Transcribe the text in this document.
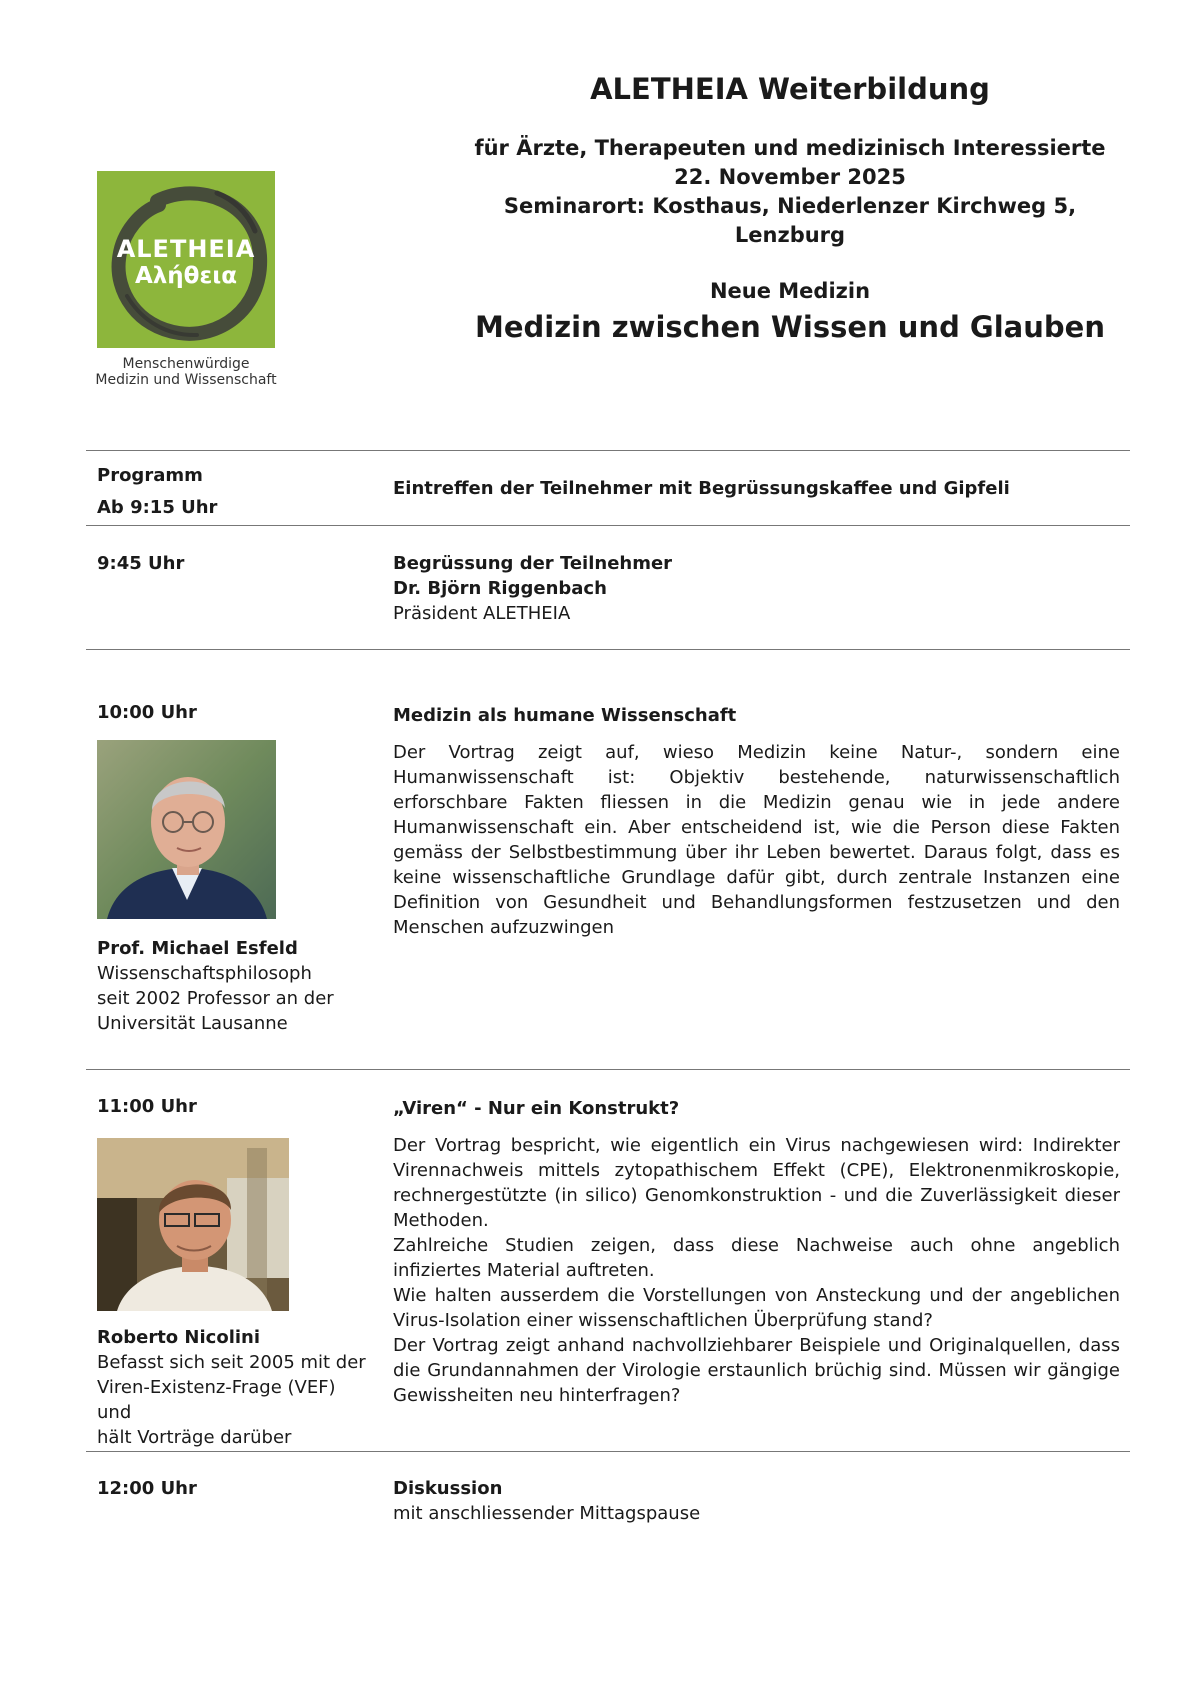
ALETHEIA Weiterbildung
für Ärzte, Therapeuten und medizinisch Interessierte
22. November 2025
Seminarort: Kosthaus, Niederlenzer Kirchweg 5, Lenzburg
Neue Medizin
Medizin zwischen Wissen und Glauben
ALETHEIA
Αλήθεια
Menschenwürdige
Medizin und Wissenschaft
Programm
Ab 9:15 Uhr
Eintreffen der Teilnehmer mit Begrüssungskaffee und Gipfeli
9:45 Uhr	Begrüssung der Teilnehmer
Dr. Björn Riggenbach
Präsident ALETHEIA
10:00 Uhr
Prof. Michael Esfeld
Wissenschaftsphilosoph
seit 2002 Professor an der
Universität Lausanne
Medizin als humane Wissenschaft
Der Vortrag zeigt auf, wieso Medizin keine Natur-, sondern eine Humanwissenschaft ist: Objektiv bestehende, naturwissenschaftlich erforschbare Fakten fliessen in die Medizin genau wie in jede andere Humanwissenschaft ein. Aber entscheidend ist, wie die Person diese Fakten gemäss der Selbstbestimmung über ihr Leben bewertet. Daraus folgt, dass es keine wissenschaftliche Grundlage dafür gibt, durch zentrale Instanzen eine Definition von Gesundheit und Behandlungsformen festzusetzen und den Menschen aufzuzwingen
11:00 Uhr
Roberto Nicolini
Befasst sich seit 2005 mit der
Viren-Existenz-Frage (VEF) und
hält Vorträge darüber
„Viren“ - Nur ein Konstrukt?
Der Vortrag bespricht, wie eigentlich ein Virus nachgewiesen wird: Indirekter Virennachweis mittels zytopathischem Effekt (CPE), Elektronenmikroskopie, rechnergestützte (in silico) Genomkonstruktion - und die Zuverlässigkeit dieser Methoden.
Zahlreiche Studien zeigen, dass diese Nachweise auch ohne angeblich infiziertes Material auftreten.
Wie halten ausserdem die Vorstellungen von Ansteckung und der angeblichen Virus-Isolation einer wissenschaftlichen Überprüfung stand?
Der Vortrag zeigt anhand nachvollziehbarer Beispiele und Originalquellen, dass die Grundannahmen der Virologie erstaunlich brüchig sind. Müssen wir gängige Gewissheiten neu hinterfragen?
12:00 Uhr	Diskussion
mit anschliessender Mittagspause
